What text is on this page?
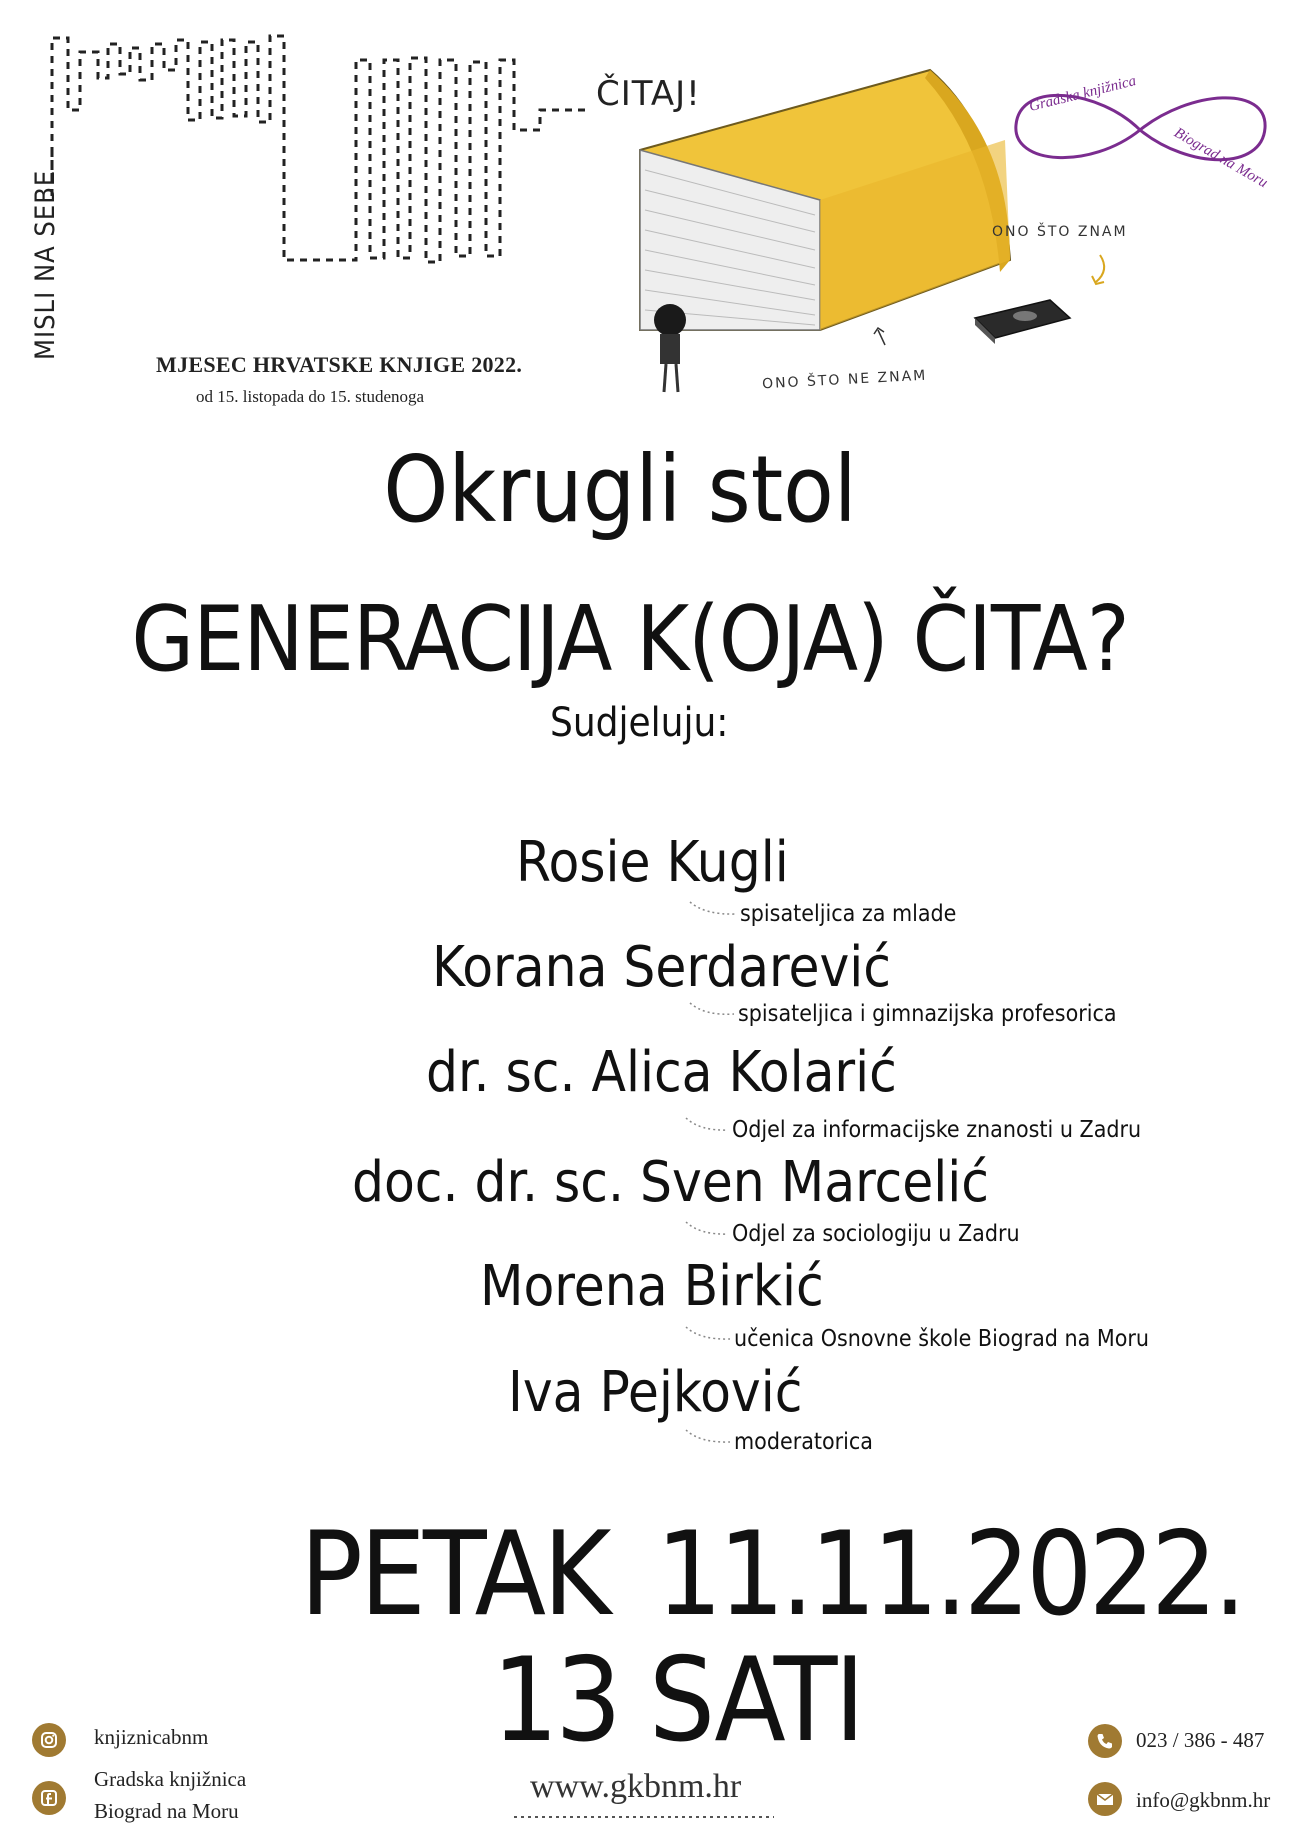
MISLI NA SEBE
ČITAJ!	Gradska knjižnica
Biograd na Moru
ONO ŠTO ZNAM
ONO ŠTO NE ZNAM
MJESEC HRVATSKE KNJIGE 2022.
od 15. listopada do 15. studenoga
Okrugli stol
GENERACIJA K(OJA) ČITA?
Sudjeluju:
Rosie Kugli
spisateljica za mlade
Korana Serdarević
spisateljica i gimnazijska profesorica
dr. sc. Alica Kolarić
Odjel za informacijske znanosti u Zadru
doc. dr. sc. Sven Marcelić
Odjel za sociologiju u Zadru
Morena Birkić
učenica Osnovne škole Biograd na Moru
Iva Pejković
moderatorica
PETAK 11.11.2022.
13 SATI
www.gkbnm.hr
knjiznicabnm
Gradska knjižnica
Biograd na Moru
023 / 386 - 487
info@gkbnm.hr
